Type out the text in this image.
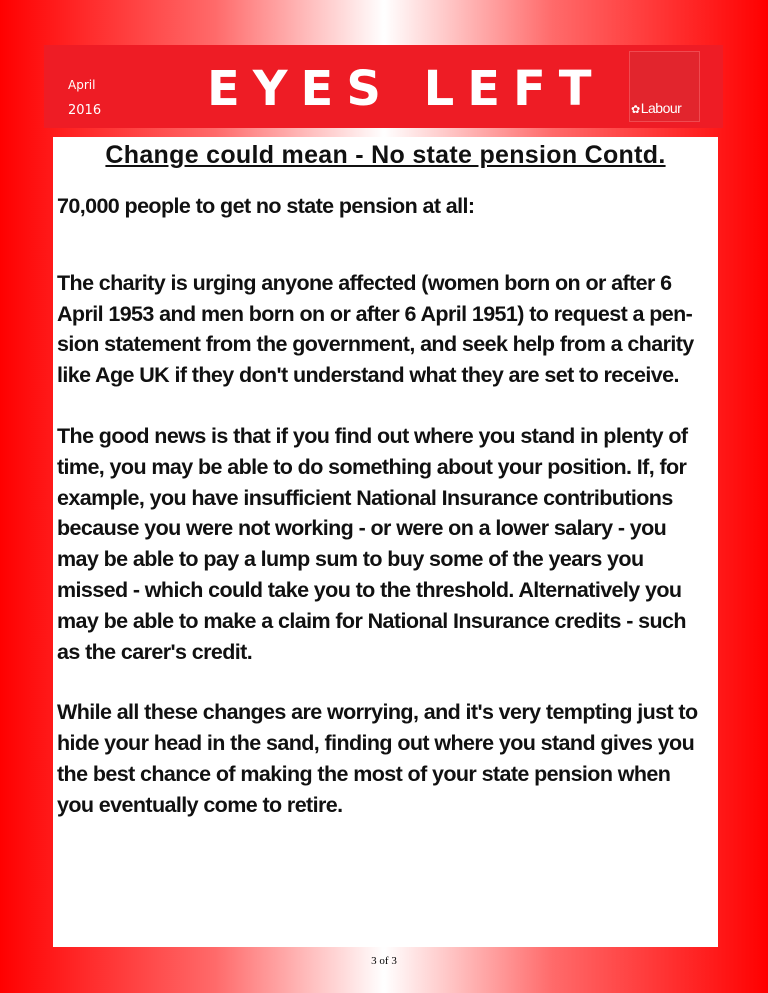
April
2016 EYES LEFT ✿Labour
Change could mean - No state pension Contd.

70,000 people to get no state pension at all:

The charity is urging anyone affected (women born on or after 6 April 1953 and men born on or after 6 April 1951) to request a pen-sion statement from the government, and seek help from a charity like Age UK if they don't understand what they are set to receive.

The good news is that if you find out where you stand in plenty of time, you may be able to do something about your position. If, for example, you have insufficient National Insurance contributions because you were not working - or were on a lower salary - you may be able to pay a lump sum to buy some of the years you missed - which could take you to the threshold. Alternatively you may be able to make a claim for National Insurance credits - such as the carer's credit.

While all these changes are worrying, and it's very tempting just to hide your head in the sand, finding out where you stand gives you the best chance of making the most of your state pension when you eventually come to retire.

3 of 3
